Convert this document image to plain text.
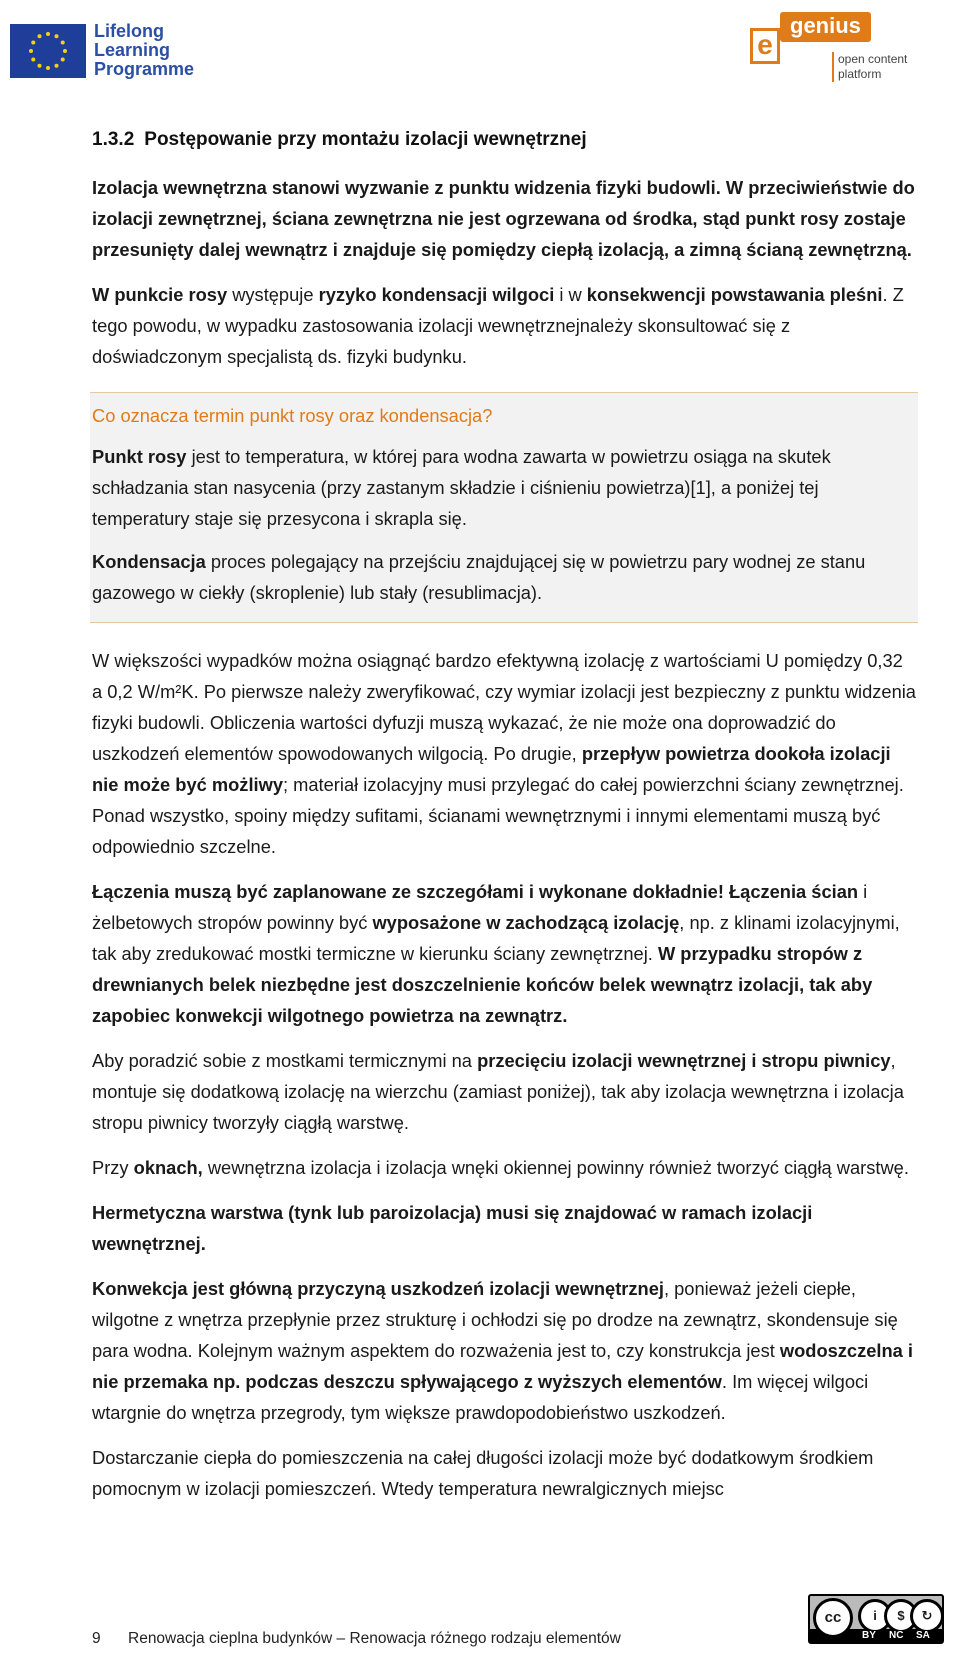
Lifelong
Learning
Programme
e
genius
open content
platform
1.3.2 Postępowanie przy montażu izolacji wewnętrznej

Izolacja wewnętrzna stanowi wyzwanie z punktu widzenia fizyki budowli. W przeciwieństwie do izolacji zewnętrznej, ściana zewnętrzna nie jest ogrzewana od środka, stąd punkt rosy zostaje przesunięty dalej wewnątrz i znajduje się pomiędzy ciepłą izolacją, a zimną ścianą zewnętrzną.

W punkcie rosy występuje ryzyko kondensacji wilgoci i w konsekwencji powstawania pleśni. Z tego powodu, w wypadku zastosowania izolacji wewnętrznejnależy skonsultować się z doświadczonym specjalistą ds. fizyki budynku.

Co oznacza termin punkt rosy oraz kondensacja?

Punkt rosy jest to temperatura, w której para wodna zawarta w powietrzu osiąga na skutek schładzania stan nasycenia (przy zastanym składzie i ciśnieniu powietrza)[1], a poniżej tej temperatury staje się przesycona i skrapla się.

Kondensacja proces polegający na przejściu znajdującej się w powietrzu pary wodnej ze stanu gazowego w ciekły (skroplenie) lub stały (resublimacja).

W większości wypadków można osiągnąć bardzo efektywną izolację z wartościami U pomiędzy 0,32 a 0,2 W/m²K. Po pierwsze należy zweryfikować, czy wymiar izolacji jest bezpieczny z punktu widzenia fizyki budowli. Obliczenia wartości dyfuzji muszą wykazać, że nie może ona doprowadzić do uszkodzeń elementów spowodowanych wilgocią. Po drugie, przepływ powietrza dookoła izolacji nie może być możliwy; materiał izolacyjny musi przylegać do całej powierzchni ściany zewnętrznej. Ponad wszystko, spoiny między sufitami, ścianami wewnętrznymi i innymi elementami muszą być odpowiednio szczelne.

Łączenia muszą być zaplanowane ze szczegółami i wykonane dokładnie! Łączenia ścian i żelbetowych stropów powinny być wyposażone w zachodzącą izolację, np. z klinami izolacyjnymi, tak aby zredukować mostki termiczne w kierunku ściany zewnętrznej. W przypadku stropów z drewnianych belek niezbędne jest doszczelnienie końców belek wewnątrz izolacji, tak aby zapobiec konwekcji wilgotnego powietrza na zewnątrz.

Aby poradzić sobie z mostkami termicznymi na przecięciu izolacji wewnętrznej i stropu piwnicy, montuje się dodatkową izolację na wierzchu (zamiast poniżej), tak aby izolacja wewnętrzna i izolacja stropu piwnicy tworzyły ciągłą warstwę.

Przy oknach, wewnętrzna izolacja i izolacja wnęki okiennej powinny również tworzyć ciągłą warstwę.

Hermetyczna warstwa (tynk lub paroizolacja) musi się znajdować w ramach izolacji wewnętrznej.

Konwekcja jest główną przyczyną uszkodzeń izolacji wewnętrznej, ponieważ jeżeli ciepłe, wilgotne z wnętrza przepłynie przez strukturę i ochłodzi się po drodze na zewnątrz, skondensuje się para wodna. Kolejnym ważnym aspektem do rozważenia jest to, czy konstrukcja jest wodoszczelna i nie przemaka np. podczas deszczu spływającego z wyższych elementów. Im więcej wilgoci wtargnie do wnętrza przegrody, tym większe prawdopodobieństwo uszkodzeń.

Dostarczanie ciepła do pomieszczenia na całej długości izolacji może być dodatkowym środkiem pomocnym w izolacji pomieszczeń. Wtedy temperatura newralgicznych miejsc

9 Renowacja cieplna budynków – Renowacja różnego rodzaju elementów
cc	i	$	↻
BY NC SA
